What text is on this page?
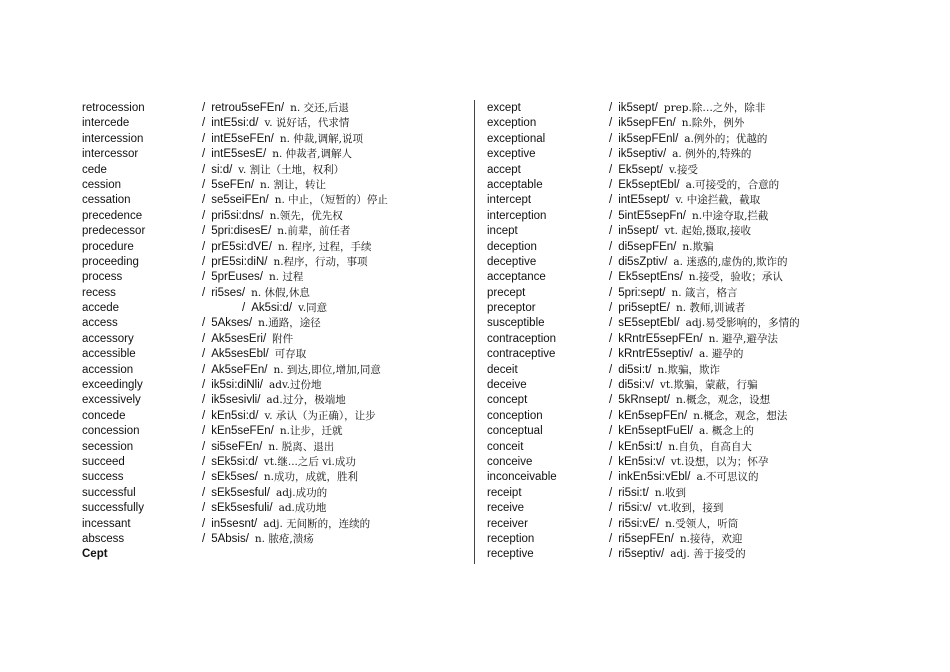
retrocession	/ retrou5seFEn/ n. 交还,后退
intercede	/ intE5si:d/ v. 说好话，代求情
intercession	/ intE5seFEn/ n. 仲裁,调解,说项
intercessor	/ intE5sesE/ n. 仲裁者,调解人
cede	/ si:d/ v. 割让（土地，权利）
cession	/ 5seFEn/ n. 割让，转让
cessation	/ se5seiFEn/ n. 中止，（短暂的）停止
precedence	/ pri5si:dns/ n.领先，优先权
predecessor	/ 5pri:disesE/ n.前辈，前任者
procedure	/ prE5si:dVE/ n. 程序, 过程，手续
proceeding	/ prE5si:diN/ n.程序，行动，事项
process	/ 5prEuses/ n. 过程
recess	/ ri5ses/ n. 休假,休息
accede	/ Ak5si:d/ v.同意
access	/ 5Akses/ n.通路，途径
accessory	/ Ak5sesEri/ 附件
accessible	/ Ak5sesEbl/ 可存取
accession	/ Ak5seFEn/ n. 到达,即位,增加,同意
exceedingly	/ ik5si:diNli/ adv.过份地
excessively	/ ik5sesivli/ ad.过分，极端地
concede	/ kEn5si:d/ v. 承认（为正确），让步
concession	/ kEn5seFEn/ n.让步，迁就
secession	/ si5seFEn/ n. 脱离、退出
succeed	/ sEk5si:d/ vt.继...之后 vi.成功
success	/ sEk5ses/ n.成功，成就，胜利
successful	/ sEk5sesful/ adj.成功的
successfully	/ sEk5sesfuli/ ad.成功地
incessant	/ in5sesnt/ adj. 无间断的，连续的
abscess	/ 5Absis/ n. 脓疮,溃疡
Cept
except	/ ik5sept/ prep.除…之外，除非
exception	/ ik5sepFEn/ n.除外，例外
exceptional	/ ik5sepFEnl/ a.例外的；优越的
exceptive	/ ik5septiv/ a. 例外的,特殊的
accept	/ Ek5sept/ v.接受
acceptable	/ Ek5septEbl/ a.可接受的，合意的
intercept	/ intE5sept/ v. 中途拦截，截取
interception	/ 5intE5sepFn/ n.中途夺取,拦截
incept	/ in5sept/ vt. 起始,摄取,接收
deception	/ di5sepFEn/ n.欺骗
deceptive	/ di5sZptiv/ a. 迷惑的,虚伪的,欺诈的
acceptance	/ Ek5septEns/ n.接受，验收；承认
precept	/ 5pri:sept/ n. 箴言，格言
preceptor	/ pri5septE/ n. 教师,训诫者
susceptible	/ sE5septEbl/ adj.易受影响的，多情的
contraception	/ kRntrE5sepFEn/ n. 避孕,避孕法
contraceptive	/ kRntrE5septiv/ a. 避孕的
deceit	/ di5si:t/ n.欺骗，欺诈
deceive	/ di5si:v/ vt.欺骗，蒙蔽，行骗
concept	/ 5kRnsept/ n.概念，观念，设想
conception	/ kEn5sepFEn/ n.概念，观念，想法
conceptual	/ kEn5septFuEl/ a. 概念上的
conceit	/ kEn5si:t/ n.自负，自高自大
conceive	/ kEn5si:v/ vt.设想，以为；怀孕
inconceivable	/ inkEn5si:vEbl/ a.不可思议的
receipt	/ ri5si:t/ n.收到
receive	/ ri5si:v/ vt.收到，接到
receiver	/ ri5si:vE/ n.受领人，听筒
reception	/ ri5sepFEn/ n.接待，欢迎
receptive	/ ri5septiv/ adj. 善于接受的
